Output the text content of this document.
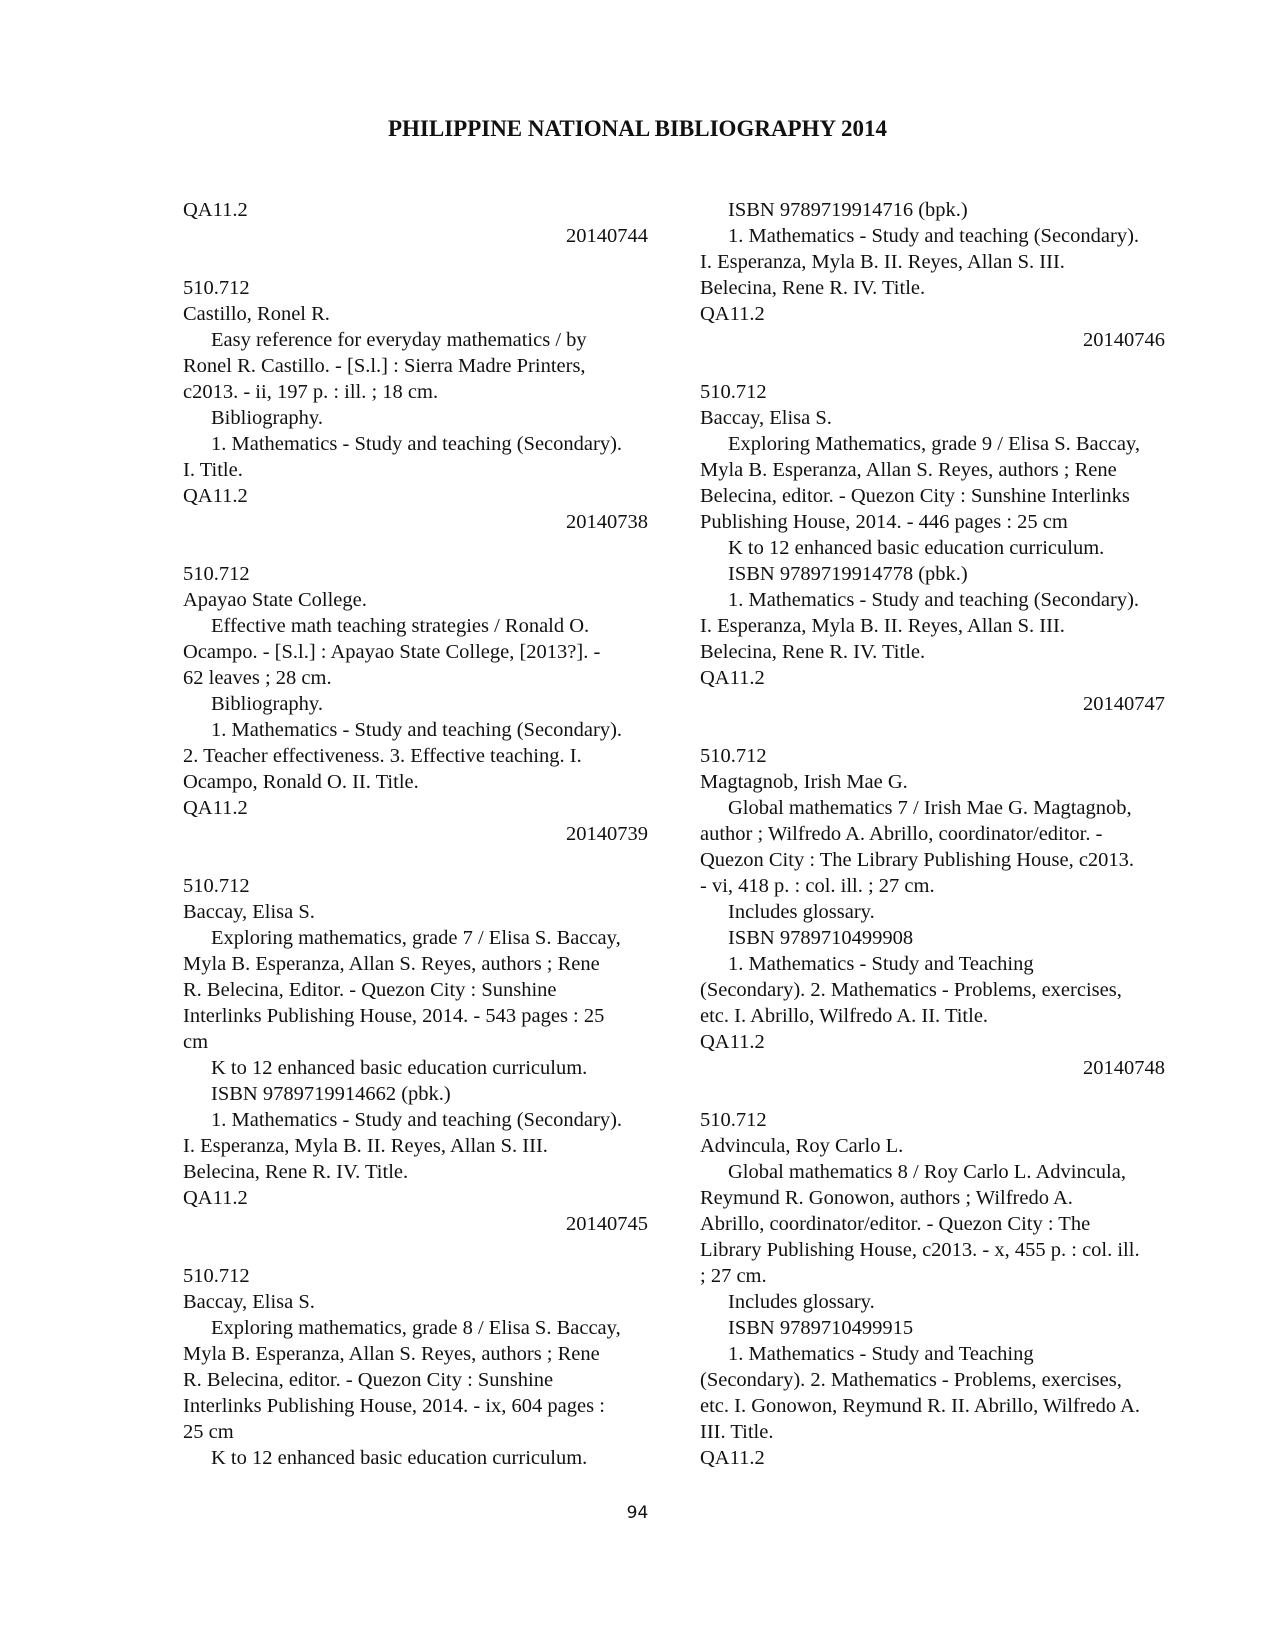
PHILIPPINE NATIONAL BIBLIOGRAPHY 2014
QA11.2
20140744
510.712
Castillo, Ronel R.
Easy reference for everyday mathematics / by
Ronel R. Castillo. - [S.l.] : Sierra Madre Printers,
c2013. - ii, 197 p. : ill. ; 18 cm.
Bibliography.
1. Mathematics - Study and teaching (Secondary).
I. Title.
QA11.2
20140738
510.712
Apayao State College.
Effective math teaching strategies / Ronald O.
Ocampo. - [S.l.] : Apayao State College, [2013?]. -
62 leaves ; 28 cm.
Bibliography.
1. Mathematics - Study and teaching (Secondary).
2. Teacher effectiveness. 3. Effective teaching. I.
Ocampo, Ronald O. II. Title.
QA11.2
20140739
510.712
Baccay, Elisa S.
Exploring mathematics, grade 7 / Elisa S. Baccay,
Myla B. Esperanza, Allan S. Reyes, authors ; Rene
R. Belecina, Editor. - Quezon City : Sunshine
Interlinks Publishing House, 2014. - 543 pages : 25
cm
K to 12 enhanced basic education curriculum.
ISBN 9789719914662 (pbk.)
1. Mathematics - Study and teaching (Secondary).
I. Esperanza, Myla B. II. Reyes, Allan S. III.
Belecina, Rene R. IV. Title.
QA11.2
20140745
510.712
Baccay, Elisa S.
Exploring mathematics, grade 8 / Elisa S. Baccay,
Myla B. Esperanza, Allan S. Reyes, authors ; Rene
R. Belecina, editor. - Quezon City : Sunshine
Interlinks Publishing House, 2014. - ix, 604 pages :
25 cm
K to 12 enhanced basic education curriculum.
ISBN 9789719914716 (bpk.)
1. Mathematics - Study and teaching (Secondary).
I. Esperanza, Myla B. II. Reyes, Allan S. III.
Belecina, Rene R. IV. Title.
QA11.2
20140746
510.712
Baccay, Elisa S.
Exploring Mathematics, grade 9 / Elisa S. Baccay,
Myla B. Esperanza, Allan S. Reyes, authors ; Rene
Belecina, editor. - Quezon City : Sunshine Interlinks
Publishing House, 2014. - 446 pages : 25 cm
K to 12 enhanced basic education curriculum.
ISBN 9789719914778 (pbk.)
1. Mathematics - Study and teaching (Secondary).
I. Esperanza, Myla B. II. Reyes, Allan S. III.
Belecina, Rene R. IV. Title.
QA11.2
20140747
510.712
Magtagnob, Irish Mae G.
Global mathematics 7 / Irish Mae G. Magtagnob,
author ; Wilfredo A. Abrillo, coordinator/editor. -
Quezon City : The Library Publishing House, c2013.
- vi, 418 p. : col. ill. ; 27 cm.
Includes glossary.
ISBN 9789710499908
1. Mathematics - Study and Teaching
(Secondary). 2. Mathematics - Problems, exercises,
etc. I. Abrillo, Wilfredo A. II. Title.
QA11.2
20140748
510.712
Advincula, Roy Carlo L.
Global mathematics 8 / Roy Carlo L. Advincula,
Reymund R. Gonowon, authors ; Wilfredo A.
Abrillo, coordinator/editor. - Quezon City : The
Library Publishing House, c2013. - x, 455 p. : col. ill.
; 27 cm.
Includes glossary.
ISBN 9789710499915
1. Mathematics - Study and Teaching
(Secondary). 2. Mathematics - Problems, exercises,
etc. I. Gonowon, Reymund R. II. Abrillo, Wilfredo A.
III. Title.
QA11.2
94
